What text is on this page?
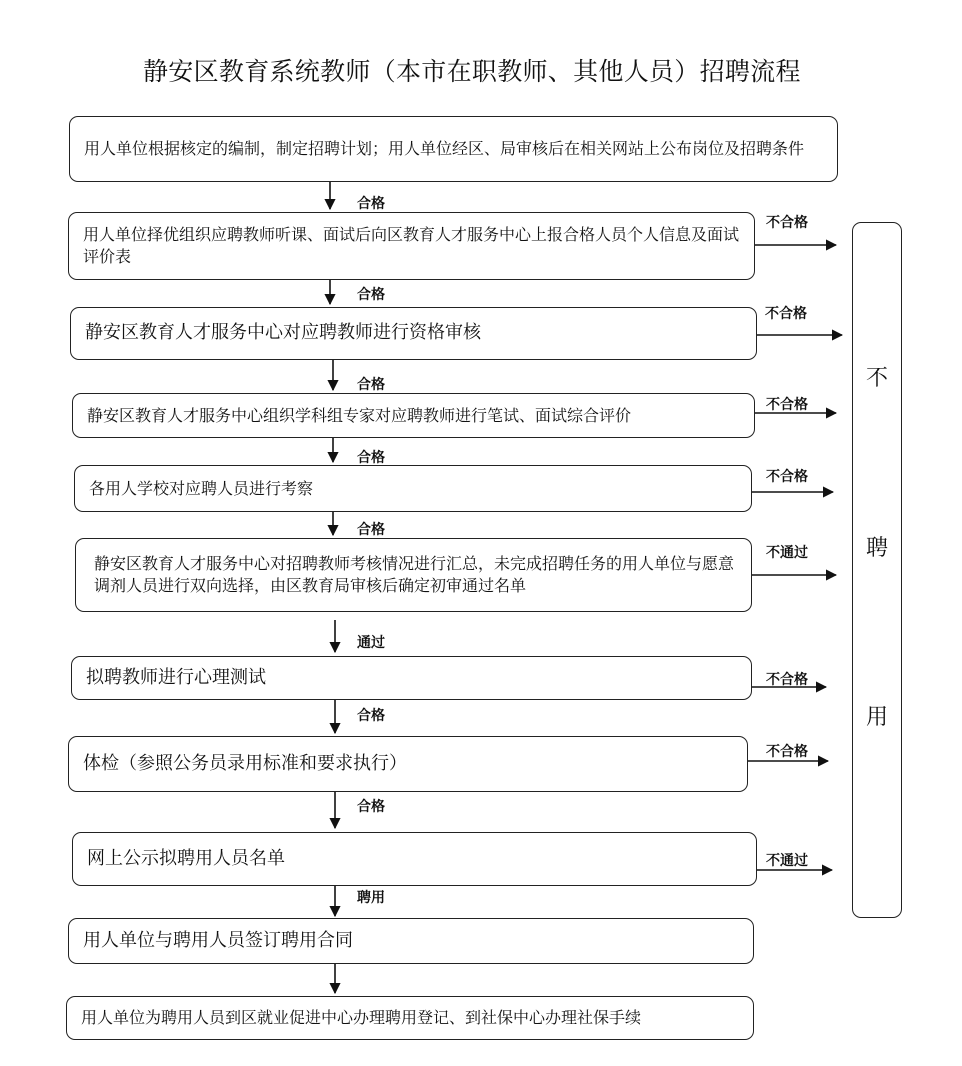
静安区教育系统教师（本市在职教师、其他人员）招聘流程
用人单位根据核定的编制，制定招聘计划；用人单位经区、局审核后在相关网站上公布岗位及招聘条件
用人单位择优组织应聘教师听课、面试后向区教育人才服务中心上报合格人员个人信息及面试评价表
静安区教育人才服务中心对应聘教师进行资格审核
静安区教育人才服务中心组织学科组专家对应聘教师进行笔试、面试综合评价
各用人学校对应聘人员进行考察
静安区教育人才服务中心对招聘教师考核情况进行汇总，未完成招聘任务的用人单位与愿意调剂人员进行双向选择，由区教育局审核后确定初审通过名单
拟聘教师进行心理测试
体检（参照公务员录用标准和要求执行）
网上公示拟聘用人员名单
用人单位与聘用人员签订聘用合同
用人单位为聘用人员到区就业促进中心办理聘用登记、到社保中心办理社保手续
合格
合格
合格
合格
合格
通过
合格
合格
聘用
不合格
不合格
不合格
不合格
不通过
不合格
不合格
不通过
不
聘
用
